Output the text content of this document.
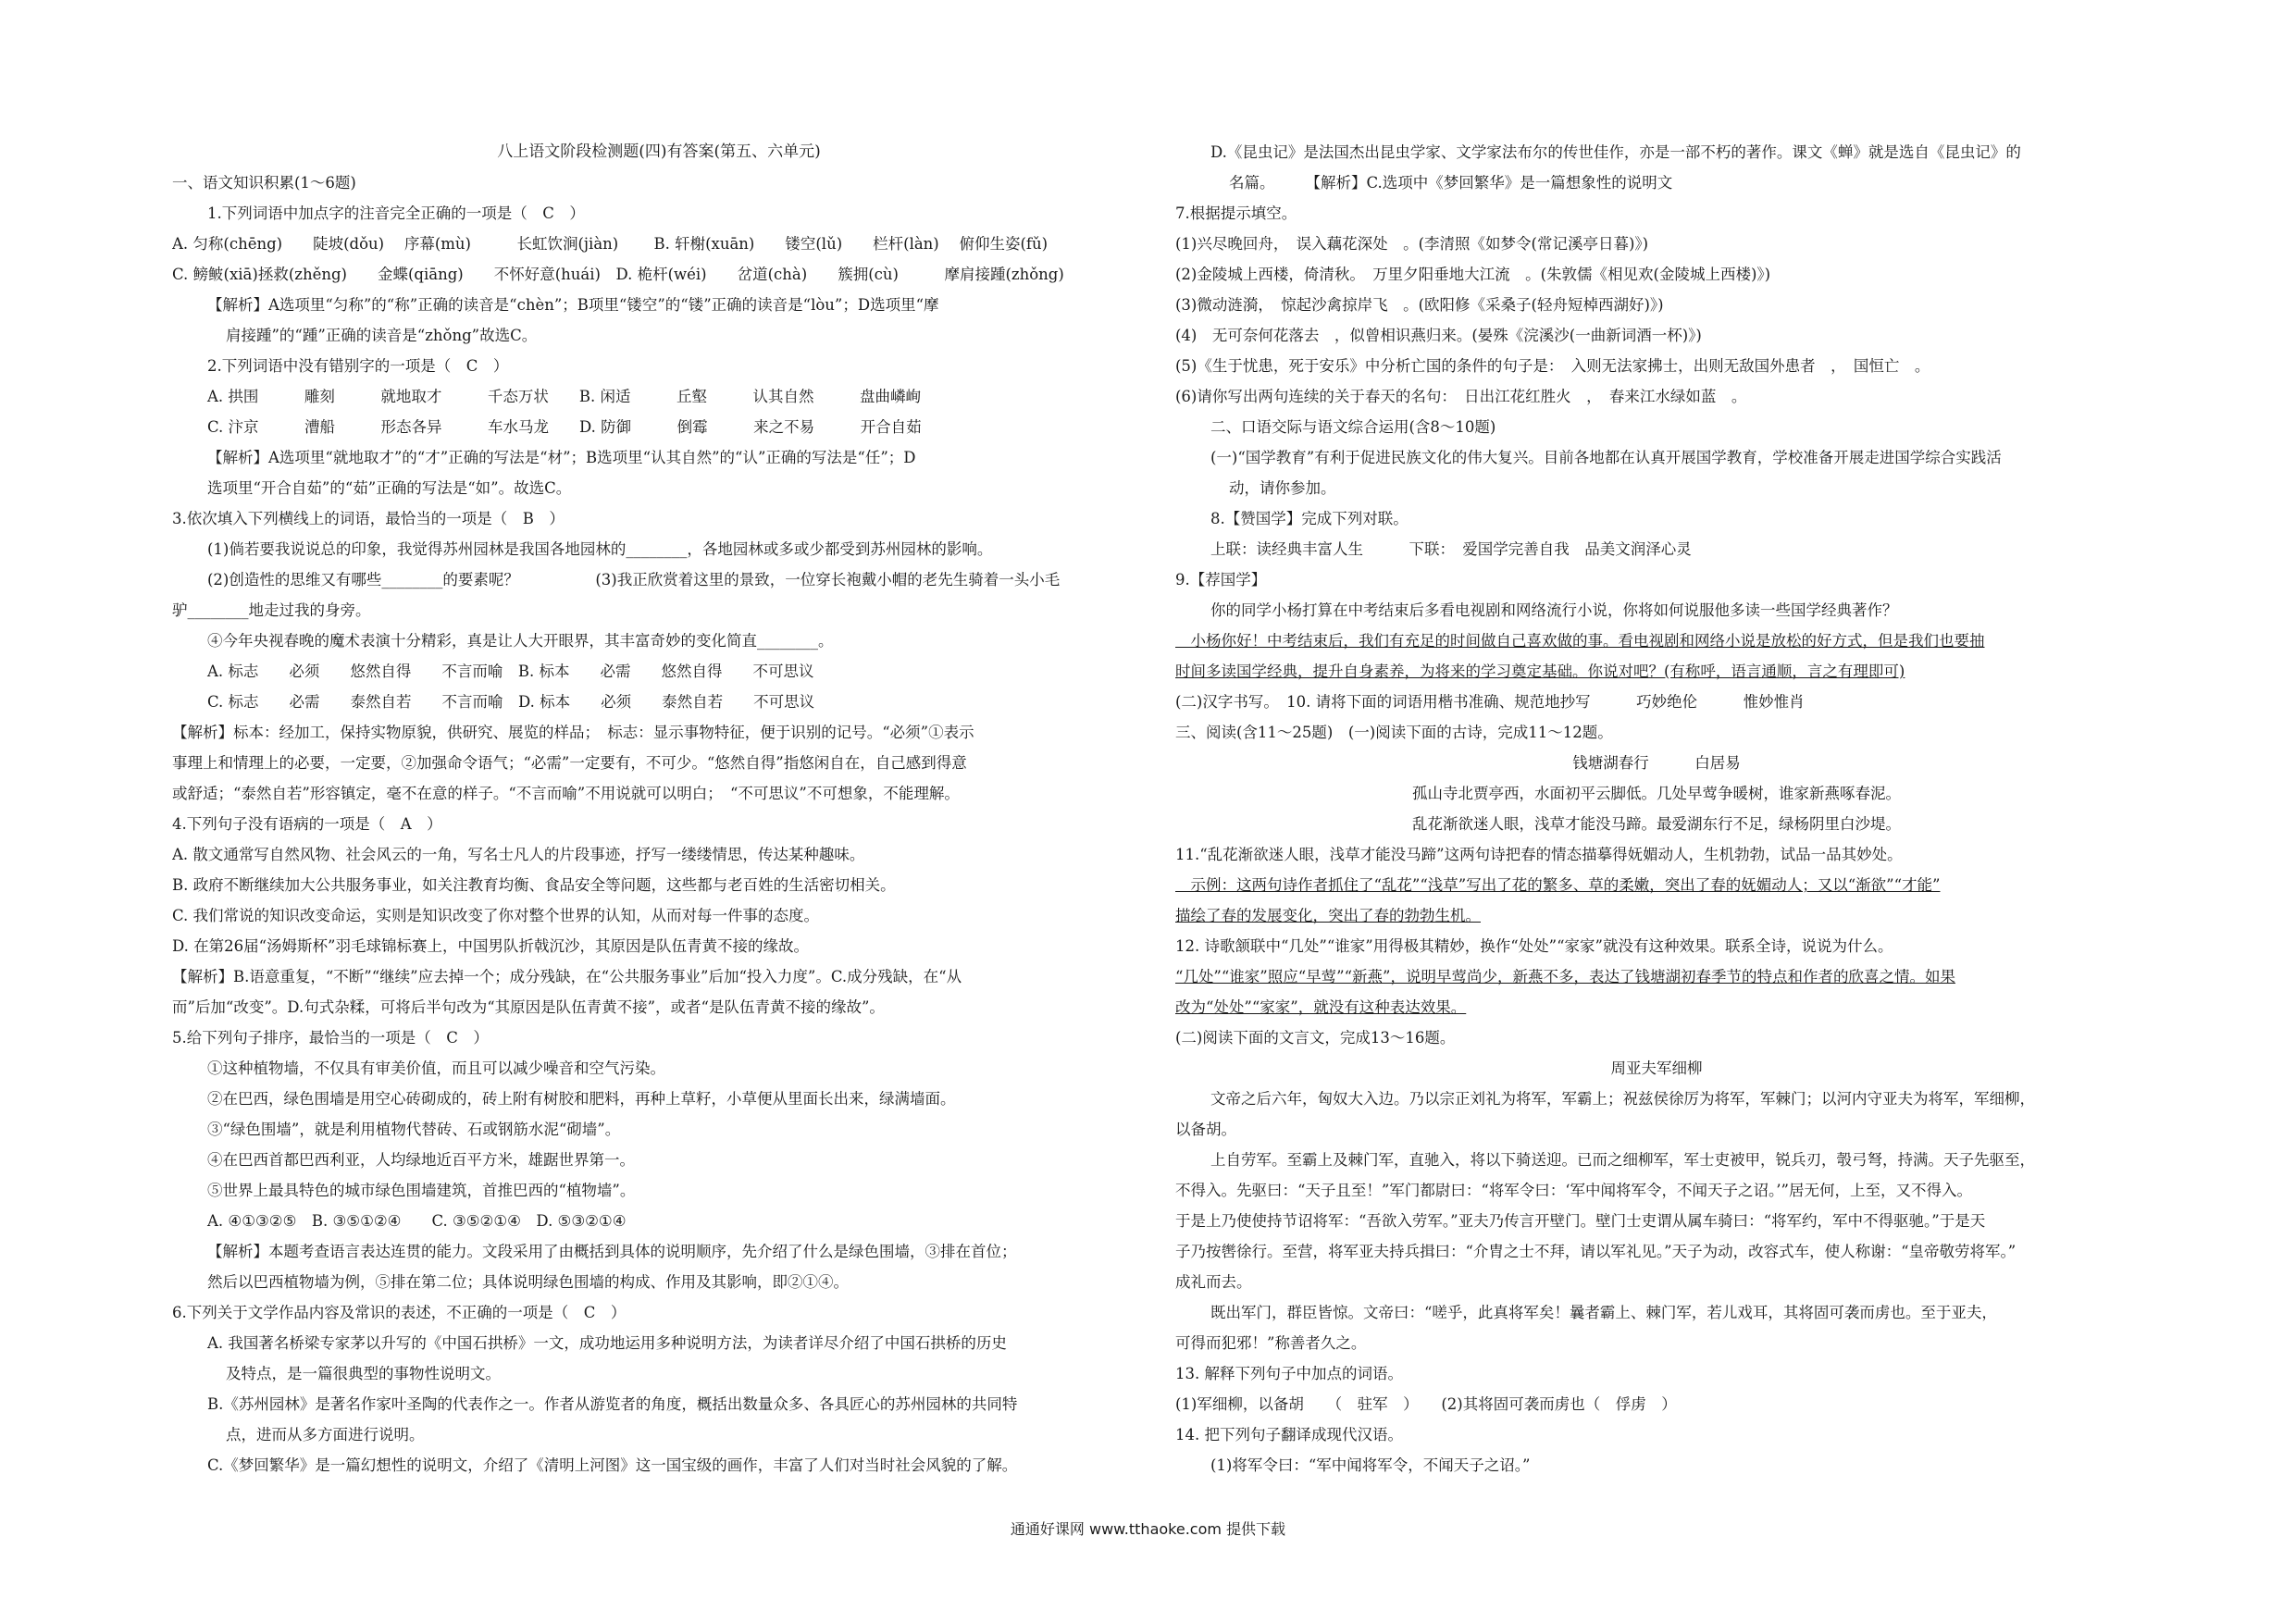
八上语文阶段检测题(四)有答案(第五、六单元)
一、语文知识积累(1～6题)
1.下列词语中加点字的注音完全正确的一项是（　C　）
A. 匀称(chēng)　　陡坡(dǒu)　 序幕(mù)　　　长虹饮涧(jiàn)　　 B. 轩榭(xuān)　　镂空(lǔ)　　栏杆(làn)　 俯仰生姿(fǔ)
C. 鳑鲏(xiā)拯救(zhěng)　　金蝶(qiāng)　　不怀好意(huái)　D. 桅杆(wéi)　　岔道(chà)　　簇拥(cù)　　　摩肩接踵(zhǒng)
【解析】A选项里“匀称”的“称”正确的读音是“chèn”；B项里“镂空”的“镂”正确的读音是“lòu”；D选项里“摩
肩接踵”的“踵”正确的读音是“zhǒng”故选C。
2.下列词语中没有错别字的一项是（　C　）
A. 拱围　　　雕刻　　　就地取才　　　千态万状　　B. 闲适　　　丘壑　　　认其自然　　　盘曲嶙峋
C. 汴京　　　漕船　　　形态各异　　　车水马龙　　D. 防御　　　倒霉　　　来之不易　　　开合自茹
【解析】A选项里“就地取才”的“才”正确的写法是“材”；B选项里“认其自然”的“认”正确的写法是“任”；D
选项里“开合自茹”的“茹”正确的写法是“如”。故选C。
3.依次填入下列横线上的词语，最恰当的一项是（　B　）
(1)倘若要我说说总的印象，我觉得苏州园林是我国各地园林的________，各地园林或多或少都受到苏州园林的影响。
(2)创造性的思维又有哪些________的要素呢？　　　　　(3)我正欣赏着这里的景致，一位穿长袍戴小帽的老先生骑着一头小毛
驴________地走过我的身旁。
④今年央视春晚的魔术表演十分精彩，真是让人大开眼界，其丰富奇妙的变化简直________。
A. 标志　　必须　　悠然自得　　不言而喻　B. 标本　　必需　　悠然自得　　不可思议
C. 标志　　必需　　泰然自若　　不言而喻　D. 标本　　必须　　泰然自若　　不可思议
【解析】标本：经加工，保持实物原貌，供研究、展览的样品；　标志：显示事物特征，便于识别的记号。“必须”①表示
事理上和情理上的必要，一定要，②加强命令语气；“必需”一定要有，不可少。“悠然自得”指悠闲自在，自己感到得意
或舒适；“泰然自若”形容镇定，毫不在意的样子。“不言而喻”不用说就可以明白；　“不可思议”不可想象，不能理解。
4.下列句子没有语病的一项是（　A　）
A. 散文通常写自然风物、社会风云的一角，写名士凡人的片段事迹，抒写一缕缕情思，传达某种趣味。
B. 政府不断继续加大公共服务事业，如关注教育均衡、食品安全等问题，这些都与老百姓的生活密切相关。
C. 我们常说的知识改变命运，实则是知识改变了你对整个世界的认知，从而对每一件事的态度。
D. 在第26届“汤姆斯杯”羽毛球锦标赛上，中国男队折戟沉沙，其原因是队伍青黄不接的缘故。
【解析】B.语意重复，“不断”“继续”应去掉一个；成分残缺，在“公共服务事业”后加“投入力度”。C.成分残缺，在“从
而”后加“改变”。D.句式杂糅，可将后半句改为“其原因是队伍青黄不接”，或者“是队伍青黄不接的缘故”。
5.给下列句子排序，最恰当的一项是（　C　）
①这种植物墙，不仅具有审美价值，而且可以减少噪音和空气污染。
②在巴西，绿色围墙是用空心砖砌成的，砖上附有树胶和肥料，再种上草籽，小草便从里面长出来，绿满墙面。
③“绿色围墙”，就是利用植物代替砖、石或钢筋水泥“砌墙”。
④在巴西首都巴西利亚，人均绿地近百平方米，雄踞世界第一。
⑤世界上最具特色的城市绿色围墙建筑，首推巴西的“植物墙”。
A. ④①③②⑤　B. ③⑤①②④　　C. ③⑤②①④　D. ⑤③②①④
【解析】本题考查语言表达连贯的能力。文段采用了由概括到具体的说明顺序，先介绍了什么是绿色围墙，③排在首位；
然后以巴西植物墙为例，⑤排在第二位；具体说明绿色围墙的构成、作用及其影响，即②①④。
6.下列关于文学作品内容及常识的表述，不正确的一项是（　C　）
A. 我国著名桥梁专家茅以升写的《中国石拱桥》一文，成功地运用多种说明方法，为读者详尽介绍了中国石拱桥的历史
及特点，是一篇很典型的事物性说明文。
B.《苏州园林》是著名作家叶圣陶的代表作之一。作者从游览者的角度，概括出数量众多、各具匠心的苏州园林的共同特
点，进而从多方面进行说明。
C.《梦回繁华》是一篇幻想性的说明文，介绍了《清明上河图》这一国宝级的画作，丰富了人们对当时社会风貌的了解。
D.《昆虫记》是法国杰出昆虫学家、文学家法布尔的传世佳作，亦是一部不朽的著作。课文《蝉》就是选自《昆虫记》的
名篇。　　　【解析】C.选项中《梦回繁华》是一篇想象性的说明文
7.根据提示填空。
(1)兴尽晚回舟，　误入藕花深处　。(李清照《如梦令(常记溪亭日暮)》)
(2)金陵城上西楼，倚清秋。　万里夕阳垂地大江流　。(朱敦儒《相见欢(金陵城上西楼)》)
(3)微动涟漪，　惊起沙禽掠岸飞　。(欧阳修《采桑子(轻舟短棹西湖好)》)
(4)　无可奈何花落去　，似曾相识燕归来。(晏殊《浣溪沙(一曲新词酒一杯)》)
(5)《生于忧患，死于安乐》中分析亡国的条件的句子是：　入则无法家拂士，出则无敌国外患者　，　国恒亡　。
(6)请你写出两句连续的关于春天的名句：　日出江花红胜火　，　春来江水绿如蓝　。
二、口语交际与语文综合运用(含8～10题)
(一)“国学教育”有利于促进民族文化的伟大复兴。目前各地都在认真开展国学教育，学校准备开展走进国学综合实践活
动，请你参加。
8.【赞国学】完成下列对联。
上联：读经典丰富人生　　　下联：　爱国学完善自我　品美文润泽心灵　
9.【荐国学】
你的同学小杨打算在中考结束后多看电视剧和网络流行小说，你将如何说服他多读一些国学经典著作？
　小杨你好！中考结束后，我们有充足的时间做自己喜欢做的事。看电视剧和网络小说是放松的好方式，但是我们也要抽
时间多读国学经典，提升自身素养，为将来的学习奠定基础。你说对吧？(有称呼，语言通顺，言之有理即可)
(二)汉字书写。　10. 请将下面的词语用楷书准确、规范地抄写　　　巧妙绝伦　　　惟妙惟肖
三、阅读(含11～25题)　(一)阅读下面的古诗，完成11～12题。
钱塘湖春行　　　白居易
孤山寺北贾亭西，水面初平云脚低。几处早莺争暖树，谁家新燕啄春泥。
乱花渐欲迷人眼，浅草才能没马蹄。最爱湖东行不足，绿杨阴里白沙堤。
11.“乱花渐欲迷人眼，浅草才能没马蹄”这两句诗把春的情态描摹得妩媚动人，生机勃勃，试品一品其妙处。
　示例：这两句诗作者抓住了“乱花”“浅草”写出了花的繁多、草的柔嫩，突出了春的妩媚动人；又以“渐欲”“才能”
描绘了春的发展变化，突出了春的勃勃生机。
12. 诗歌颔联中“几处”“谁家”用得极其精妙，换作“处处”“家家”就没有这种效果。联系全诗，说说为什么。
“几处”“谁家”照应“早莺”“新燕”，说明早莺尚少，新燕不多，表达了钱塘湖初春季节的特点和作者的欣喜之情。如果
改为“处处”“家家”，就没有这种表达效果。
(二)阅读下面的文言文，完成13～16题。
周亚夫军细柳
文帝之后六年，匈奴大入边。乃以宗正刘礼为将军，军霸上；祝兹侯徐厉为将军，军棘门；以河内守亚夫为将军，军细柳，
以备胡。
上自劳军。至霸上及棘门军，直驰入，将以下骑送迎。已而之细柳军，军士吏被甲，锐兵刃，彀弓弩，持满。天子先驱至，
不得入。先驱曰：“天子且至！”军门都尉曰：“将军令曰：‘军中闻将军令，不闻天子之诏。’”居无何，上至，又不得入。
于是上乃使使持节诏将军：“吾欲入劳军。”亚夫乃传言开壁门。壁门士吏谓从属车骑曰：“将军约，军中不得驱驰。”于是天
子乃按辔徐行。至营，将军亚夫持兵揖曰：“介胄之士不拜，请以军礼见。”天子为动，改容式车，使人称谢：“皇帝敬劳将军。”
成礼而去。
既出军门，群臣皆惊。文帝曰：“嗟乎，此真将军矣！曩者霸上、棘门军，若儿戏耳，其将固可袭而虏也。至于亚夫，
可得而犯邪！”称善者久之。
13. 解释下列句子中加点的词语。
(1)军细柳，以备胡　　（　驻军　）　　(2)其将固可袭而虏也（　俘虏　）
14. 把下列句子翻译成现代汉语。
(1)将军令曰：“军中闻将军令，不闻天子之诏。”
通通好课网 www.tthaoke.com 提供下载
